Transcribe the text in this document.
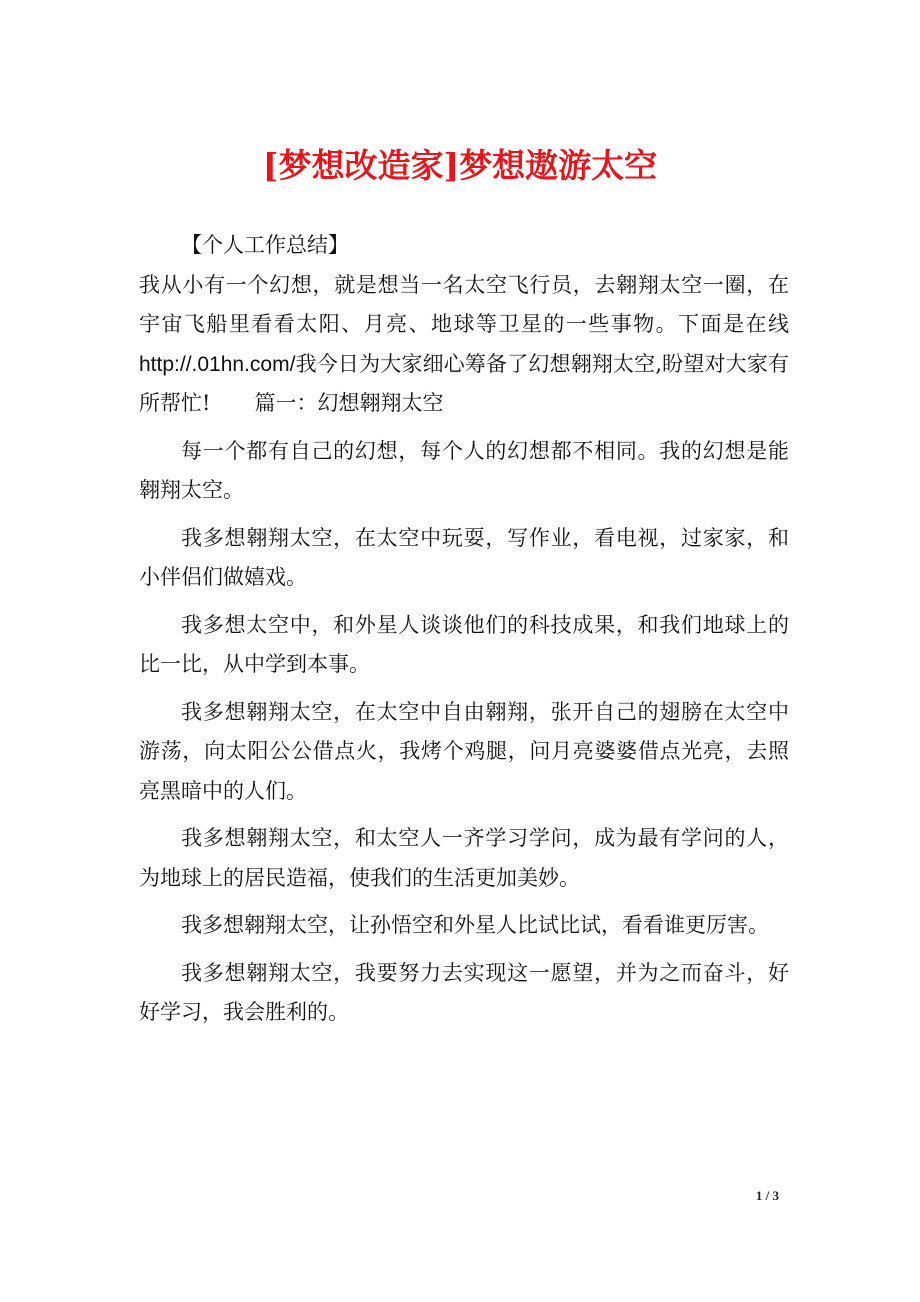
[梦想改造家]梦想遨游太空

【个人工作总结】

我从小有一个幻想，就是想当一名太空飞行员，去翱翔太空一圈，在宇宙飞船里看看太阳、月亮、地球等卫星的一些事物。下面是在线http://.01hn.com/我今日为大家细心筹备了幻想翱翔太空,盼望对大家有所帮忙! 篇一：幻想翱翔太空

每一个都有自己的幻想，每个人的幻想都不相同。我的幻想是能翱翔太空。

我多想翱翔太空，在太空中玩耍，写作业，看电视，过家家，和小伴侣们做嬉戏。

我多想太空中，和外星人谈谈他们的科技成果，和我们地球上的比一比，从中学到本事。

我多想翱翔太空，在太空中自由翱翔，张开自己的翅膀在太空中游荡，向太阳公公借点火，我烤个鸡腿，问月亮婆婆借点光亮，去照亮黑暗中的人们。

我多想翱翔太空，和太空人一齐学习学问，成为最有学问的人，为地球上的居民造福，使我们的生活更加美妙。

我多想翱翔太空，让孙悟空和外星人比试比试，看看谁更厉害。

我多想翱翔太空，我要努力去实现这一愿望，并为之而奋斗，好好学习，我会胜利的。

1 / 3
